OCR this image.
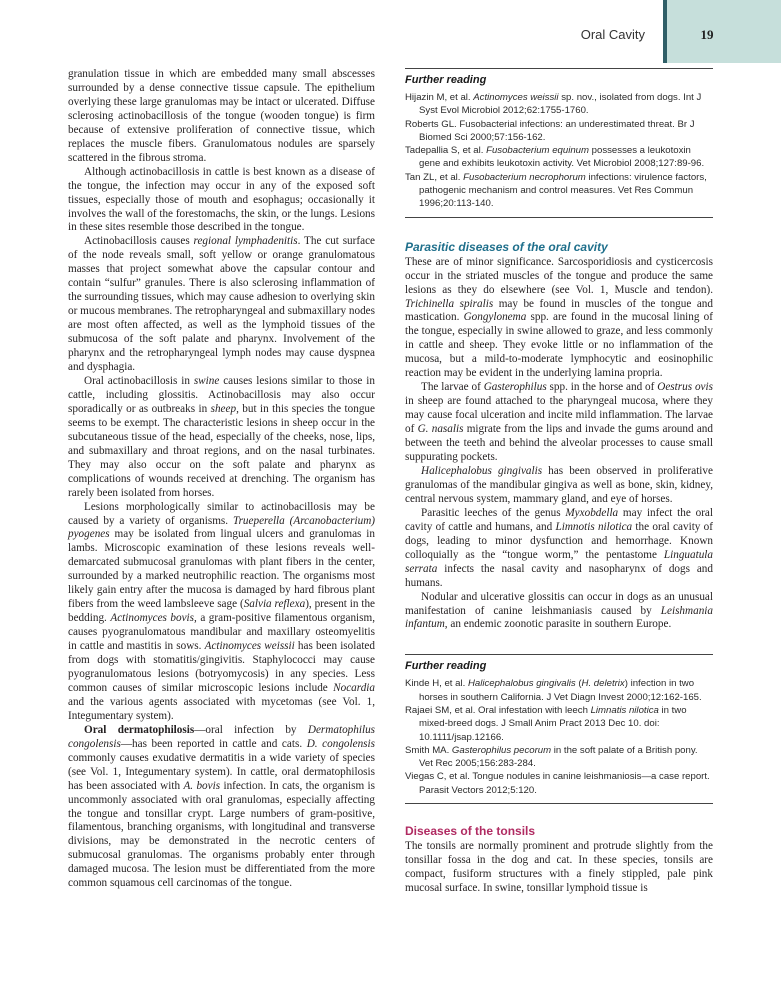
Oral Cavity	19

granulation tissue in which are embedded many small abscesses surrounded by a dense connective tissue capsule. The epithelium overlying these large granulomas may be intact or ulcerated. Diffuse sclerosing actinobacillosis of the tongue (wooden tongue) is firm because of extensive proliferation of connective tissue, which replaces the muscle fibers. Granulomatous nodules are sparsely scattered in the fibrous stroma.

Although actinobacillosis in cattle is best known as a disease of the tongue, the infection may occur in any of the exposed soft tissues, especially those of mouth and esophagus; occasionally it involves the wall of the forestomachs, the skin, or the lungs. Lesions in these sites resemble those described in the tongue.

Actinobacillosis causes regional lymphadenitis. The cut surface of the node reveals small, soft yellow or orange granulomatous masses that project somewhat above the capsular contour and contain “sulfur” granules. There is also sclerosing inflammation of the surrounding tissues, which may cause adhesion to overlying skin or mucous membranes. The retropharyngeal and submaxillary nodes are most often affected, as well as the lymphoid tissues of the submucosa of the soft palate and pharynx. Involvement of the pharynx and the retropharyngeal lymph nodes may cause dyspnea and dysphagia.

Oral actinobacillosis in swine causes lesions similar to those in cattle, including glossitis. Actinobacillosis may also occur sporadically or as outbreaks in sheep, but in this species the tongue seems to be exempt. The characteristic lesions in sheep occur in the subcutaneous tissue of the head, especially of the cheeks, nose, lips, and submaxillary and throat regions, and on the nasal turbinates. They may also occur on the soft palate and pharynx as complications of wounds received at drenching. The organism has rarely been isolated from horses.

Lesions morphologically similar to actinobacillosis may be caused by a variety of organisms. Trueperella (Arcanobacterium) pyogenes may be isolated from lingual ulcers and granulomas in lambs. Microscopic examination of these lesions reveals well-demarcated submucosal granulomas with plant fibers in the center, surrounded by a marked neutrophilic reaction. The organisms most likely gain entry after the mucosa is damaged by hard fibrous plant fibers from the weed lambsleeve sage (Salvia reflexa), present in the bedding. Actinomyces bovis, a gram-positive filamentous organism, causes pyogranulomatous mandibular and maxillary osteomyelitis in cattle and mastitis in sows. Actinomyces weissii has been isolated from dogs with stomatitis/gingivitis. Staphylococci may cause pyogranulomatous lesions (botryomycosis) in any species. Less common causes of similar microscopic lesions include Nocardia and the various agents associated with mycetomas (see Vol. 1, Integumentary system).

Oral dermatophilosis—oral infection by Dermatophilus congolensis—has been reported in cattle and cats. D. congolensis commonly causes exudative dermatitis in a wide variety of species (see Vol. 1, Integumentary system). In cattle, oral dermatophilosis has been associated with A. bovis infection. In cats, the organism is uncommonly associated with oral granulomas, especially affecting the tongue and tonsillar crypt. Large numbers of gram-positive, filamentous, branching organisms, with longitudinal and transverse divisions, may be demonstrated in the necrotic centers of submucosal granulomas. The organisms probably enter through damaged mucosa. The lesion must be differentiated from the more common squamous cell carcinomas of the tongue.

Further reading

Hijazin M, et al. Actinomyces weissii sp. nov., isolated from dogs. Int J Syst Evol Microbiol 2012;62:1755-1760.

Roberts GL. Fusobacterial infections: an underestimated threat. Br J Biomed Sci 2000;57:156-162.

Tadepallia S, et al. Fusobacterium equinum possesses a leukotoxin gene and exhibits leukotoxin activity. Vet Microbiol 2008;127:89-96.

Tan ZL, et al. Fusobacterium necrophorum infections: virulence factors, pathogenic mechanism and control measures. Vet Res Commun 1996;20:113-140.

Parasitic diseases of the oral cavity

These are of minor significance. Sarcosporidiosis and cysticercosis occur in the striated muscles of the tongue and produce the same lesions as they do elsewhere (see Vol. 1, Muscle and tendon). Trichinella spiralis may be found in muscles of the tongue and mastication. Gongylonema spp. are found in the mucosal lining of the tongue, especially in swine allowed to graze, and less commonly in cattle and sheep. They evoke little or no inflammation of the mucosa, but a mild-to-moderate lymphocytic and eosinophilic reaction may be evident in the underlying lamina propria.

The larvae of Gasterophilus spp. in the horse and of Oestrus ovis in sheep are found attached to the pharyngeal mucosa, where they may cause focal ulceration and incite mild inflammation. The larvae of G. nasalis migrate from the lips and invade the gums around and between the teeth and behind the alveolar processes to cause small suppurating pockets.

Halicephalobus gingivalis has been observed in proliferative granulomas of the mandibular gingiva as well as bone, skin, kidney, central nervous system, mammary gland, and eye of horses.

Parasitic leeches of the genus Myxobdella may infect the oral cavity of cattle and humans, and Limnotis nilotica the oral cavity of dogs, leading to minor dysfunction and hemorrhage. Known colloquially as the “tongue worm,” the pentastome Linguatula serrata infects the nasal cavity and nasopharynx of dogs and humans.

Nodular and ulcerative glossitis can occur in dogs as an unusual manifestation of canine leishmaniasis caused by Leishmania infantum, an endemic zoonotic parasite in southern Europe.

Further reading

Kinde H, et al. Halicephalobus gingivalis (H. deletrix) infection in two horses in southern California. J Vet Diagn Invest 2000;12:162-165.

Rajaei SM, et al. Oral infestation with leech Limnatis nilotica in two mixed-breed dogs. J Small Anim Pract 2013 Dec 10. doi: 10.1111/jsap.12166.

Smith MA. Gasterophilus pecorum in the soft palate of a British pony. Vet Rec 2005;156:283-284.

Viegas C, et al. Tongue nodules in canine leishmaniosis—a case report. Parasit Vectors 2012;5:120.

Diseases of the tonsils

The tonsils are normally prominent and protrude slightly from the tonsillar fossa in the dog and cat. In these species, tonsils are compact, fusiform structures with a finely stippled, pale pink mucosal surface. In swine, tonsillar lymphoid tissue is
